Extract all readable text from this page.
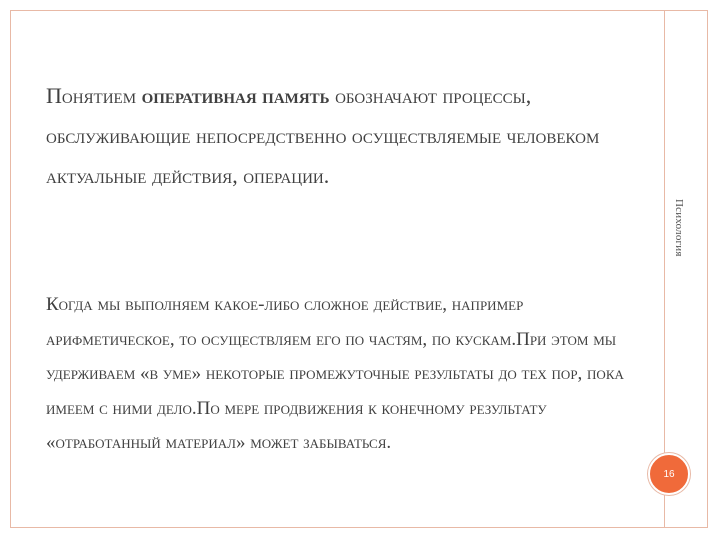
Психология
Понятием оперативная память обозначают процессы, обслуживающие непосредственно осуществляемые человеком актуальные действия, операции.
Когда мы выполняем какое-либо сложное действие, например арифметическое, то осуществляем его по частям, по кускам.При этом мы удерживаем «в уме» некоторые промежуточные результаты до тех пор, пока имеем с ними дело.По мере продвижения к конечному результату «отработанный материал» может забываться.
16
